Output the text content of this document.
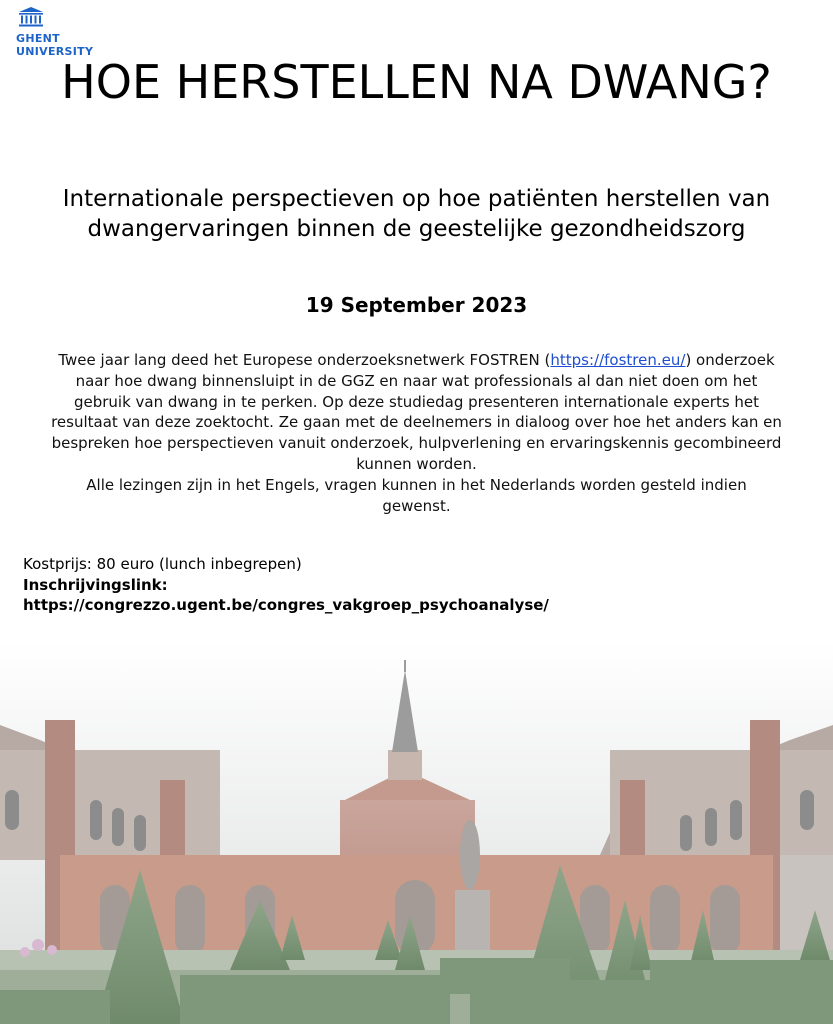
GHENT
UNIVERSITY
HOE HERSTELLEN NA DWANG?
Internationale perspectieven op hoe patiënten herstellen van dwangervaringen binnen de geestelijke gezondheidszorg
19 September 2023
Twee jaar lang deed het Europese onderzoeksnetwerk FOSTREN (https://fostren.eu/) onderzoek naar hoe dwang binnensluipt in de GGZ en naar wat professionals al dan niet doen om het gebruik van dwang in te perken. Op deze studiedag presenteren internationale experts het resultaat van deze zoektocht. Ze gaan met de deelnemers in dialoog over hoe het anders kan en bespreken hoe perspectieven vanuit onderzoek, hulpverlening en ervaringskennis gecombineerd kunnen worden.
Alle lezingen zijn in het Engels, vragen kunnen in het Nederlands worden gesteld indien gewenst.
Kostprijs: 80 euro (lunch inbegrepen)
Inschrijvingslink:
https://congrezzo.ugent.be/congres_vakgroep_psychoanalyse/
